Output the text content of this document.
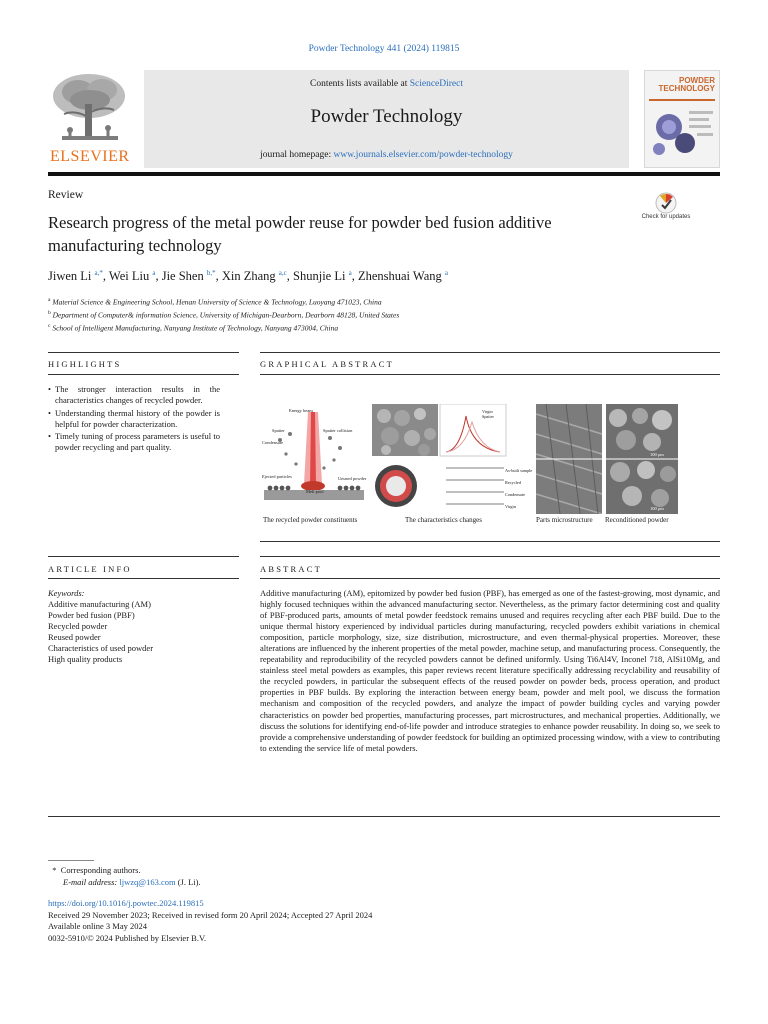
Powder Technology 441 (2024) 119815
ELSEVIER
Contents lists available at ScienceDirect
Powder Technology
journal homepage: www.journals.elsevier.com/powder-technology
POWDER
TECHNOLOGY
Review
Research progress of the metal powder reuse for powder bed fusion additive manufacturing technology
Check for updates
Jiwen Li $^{a,*}$, Wei Liu $^a$, Jie Shen $^{b,*}$, Xin Zhang $^{a,c}$, Shunjie Li $^a$, Zhenshuai Wang $^a$
$^a$ Material Science & Engineering School, Henan University of Science & Technology, Luoyang 471023, China
$^b$ Department of Computer& information Science, University of Michigan-Dearborn, Dearborn 48128, United States
$^c$ School of Intelligent Manufacturing, Nanyang Institute of Technology, Nanyang 473004, China
HIGHLIGHTS
• The stronger interaction results in the characteristics changes of recycled powder.
• Understanding thermal history of the powder is helpful for powder characterization.
• Timely tuning of process parameters is useful to powder recycling and part quality.
GRAPHICAL ABSTRACT
Energy beam
Spatter	Spatter collision
Condensate
Ejected particles
Melt pool
Unused powder
Virgin
Spatter
As-built sample
Recycled
Condensate
Virgin
100 μm
100 μm
The recycled powder constituents	The characteristics changes	Parts microstructure Reconditioned powder
ARTICLE INFO
Keywords:
Additive manufacturing (AM)
Powder bed fusion (PBF)
Recycled powder
Reused powder
Characteristics of used powder
High quality products
ABSTRACT
Additive manufacturing (AM), epitomized by powder bed fusion (PBF), has emerged as one of the fastest-growing, most dynamic, and highly focused techniques within the advanced manufacturing sector. Nevertheless, as the primary factor determining cost and quality of PBF-produced parts, amounts of metal powder feedstock remains unused and requires recycling after each PBF build. Due to the unique thermal history experienced by individual particles during manufacturing, recycled powders exhibit variations in chemical composition, particle morphology, size, size distribution, microstructure, and even thermal-physical properties. Moreover, these alterations are influenced by the inherent properties of the metal powder, machine setup, and manufacturing process. Consequently, the repeatability and reproducibility of the recycled powders cannot be defined uniformly. Using Ti6Al4V, Inconel 718, AlSi10Mg, and stainless steel metal powders as examples, this paper reviews recent literature specifically addressing recyclability and reusability of the recycled powders, in particular the subsequent effects of the reused powder on powder beds, process operation, and product properties in PBF builds. By exploring the interaction between energy beam, powder and melt pool, we discuss the formation mechanism and composition of the recycled powders, and analyze the impact of powder building cycles and varying powder characteristics on powder bed properties, manufacturing processes, part microstructures, and mechanical properties. Additionally, we discuss the solutions for identifying end-of-life powder and introduce strategies to enhance powder reusability. In doing so, we seek to provide a comprehensive understanding of powder feedstock for building an optimized processing window, with a view to contributing to extending the service life of metal powders.
* Corresponding authors.
E-mail address: ljwzq@163.com (J. Li).
https://doi.org/10.1016/j.powtec.2024.119815
Received 29 November 2023; Received in revised form 20 April 2024; Accepted 27 April 2024
Available online 3 May 2024
0032-5910/© 2024 Published by Elsevier B.V.
